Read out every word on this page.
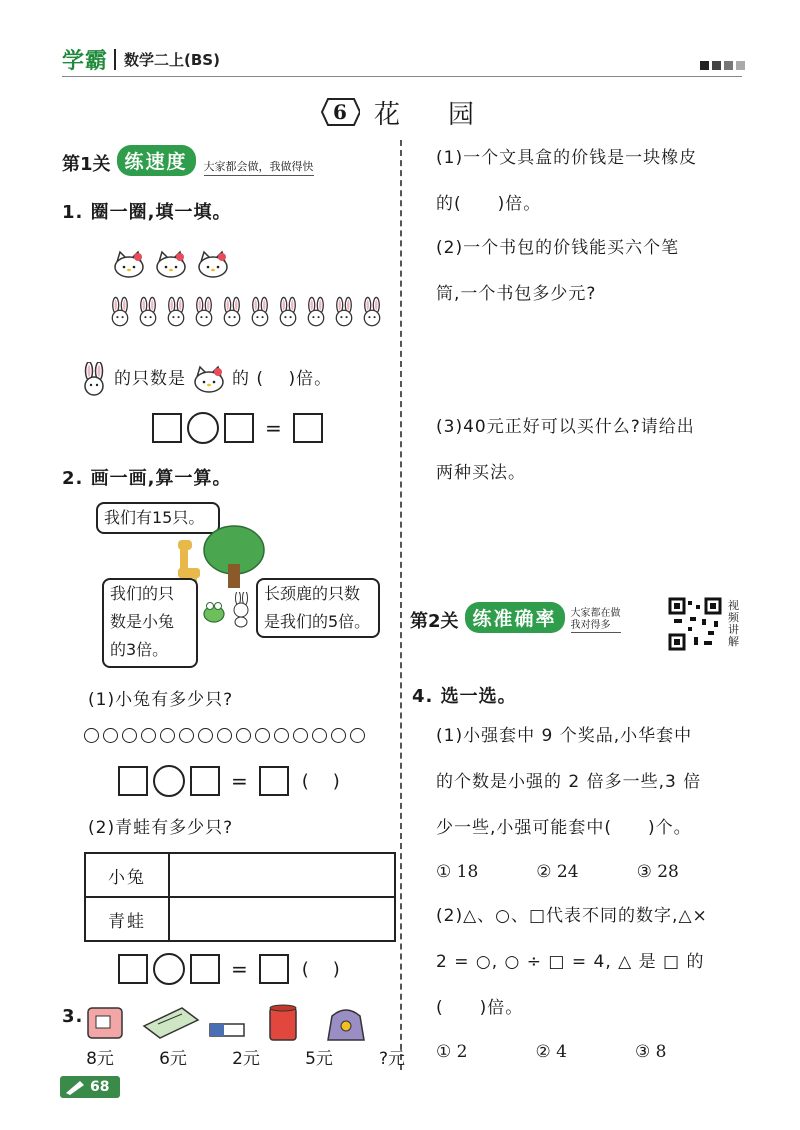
学霸	数学二上(BS)
6 花园
第1关 练速度	大家都会做，我做得快
1. 圈一圈,填一填。
的只数是	的 (　 )倍。
=
2. 画一画,算一算。
我们有15只。
我们的只
数是小兔
的3倍。
长颈鹿的只数
是我们的5倍。
(1)小兔有多少只?
=	()
(2)青蛙有多少只?
小兔	
青蛙	
=	()
3.
8元	6元	2元	5元	?元
(1)一个文具盒的价钱是一块橡皮
的(　　)倍。
(2)一个书包的价钱能买六个笔
筒,一个书包多少元?
(3)40元正好可以买什么?请给出
两种买法。
第2关 练准确率	大家都在做
我对得多
视
频
讲
解
4. 选一选。
(1)小强套中 9 个奖品,小华套中
的个数是小强的 2 倍多一些,3 倍
少一些,小强可能套中(　　)个。
① 18	② 24	③ 28
(2)△、○、□代表不同的数字,△×
2 = ○, ○ ÷ □ = 4, △ 是 □ 的
(　　)倍。
① 2	② 4	③ 8
68
